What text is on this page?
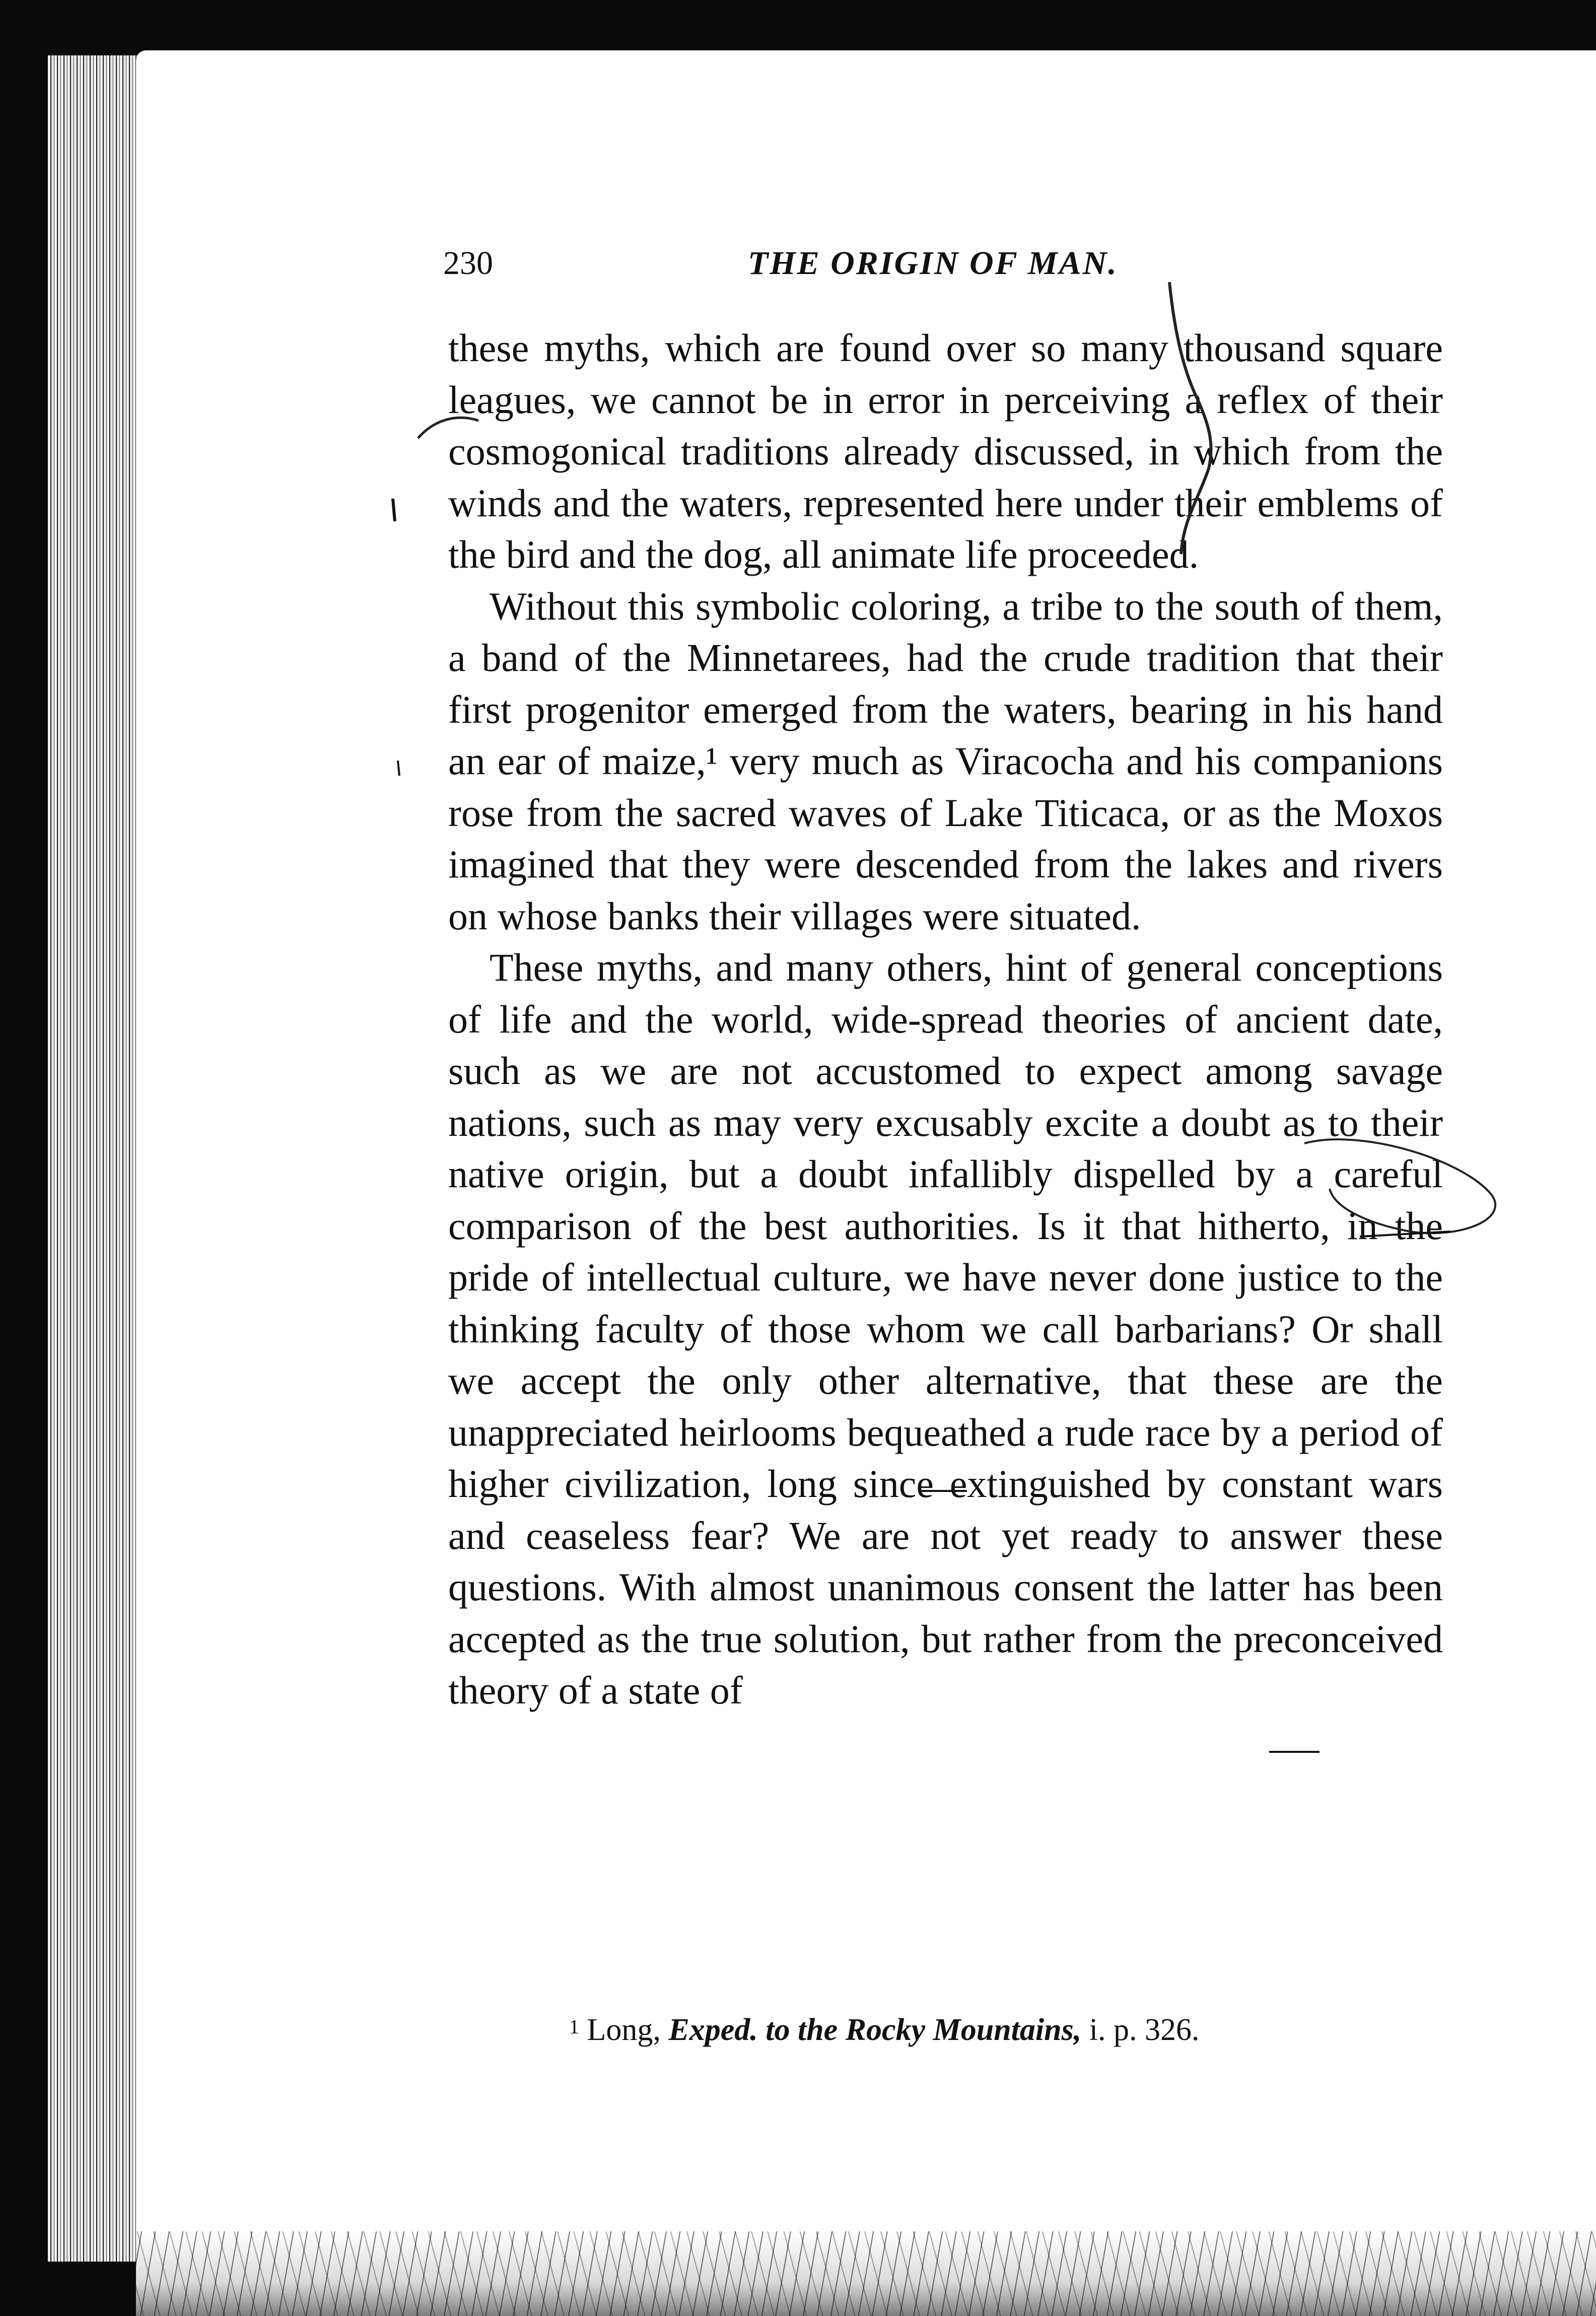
230	THE ORIGIN OF MAN.

these myths, which are found over so many thousand square leagues, we cannot be in error in perceiving a reflex of their cosmogonical traditions already discussed, in which from the winds and the waters, represented here under their emblems of the bird and the dog, all animate life proceeded.

Without this symbolic coloring, a tribe to the south of them, a band of the Minnetarees, had the crude tradition that their first progenitor emerged from the waters, bearing in his hand an ear of maize,¹ very much as Viracocha and his companions rose from the sacred waves of Lake Titicaca, or as the Moxos imagined that they were descended from the lakes and rivers on whose banks their villages were situated.

These myths, and many others, hint of general conceptions of life and the world, wide-spread theories of ancient date, such as we are not accustomed to expect among savage nations, such as may very excusably excite a doubt as to their native origin, but a doubt infallibly dispelled by a careful comparison of the best authorities. Is it that hitherto, in the pride of intellectual culture, we have never done justice to the thinking faculty of those whom we call barbarians? Or shall we accept the only other alternative, that these are the unappreciated heirlooms bequeathed a rude race by a period of higher civilization, long since extinguished by constant wars and ceaseless fear? We are not yet ready to answer these questions. With almost unanimous consent the latter has been accepted as the true solution, but rather from the preconceived theory of a state of

$^1$ Long, Exped. to the Rocky Mountains, i. p. 326.
